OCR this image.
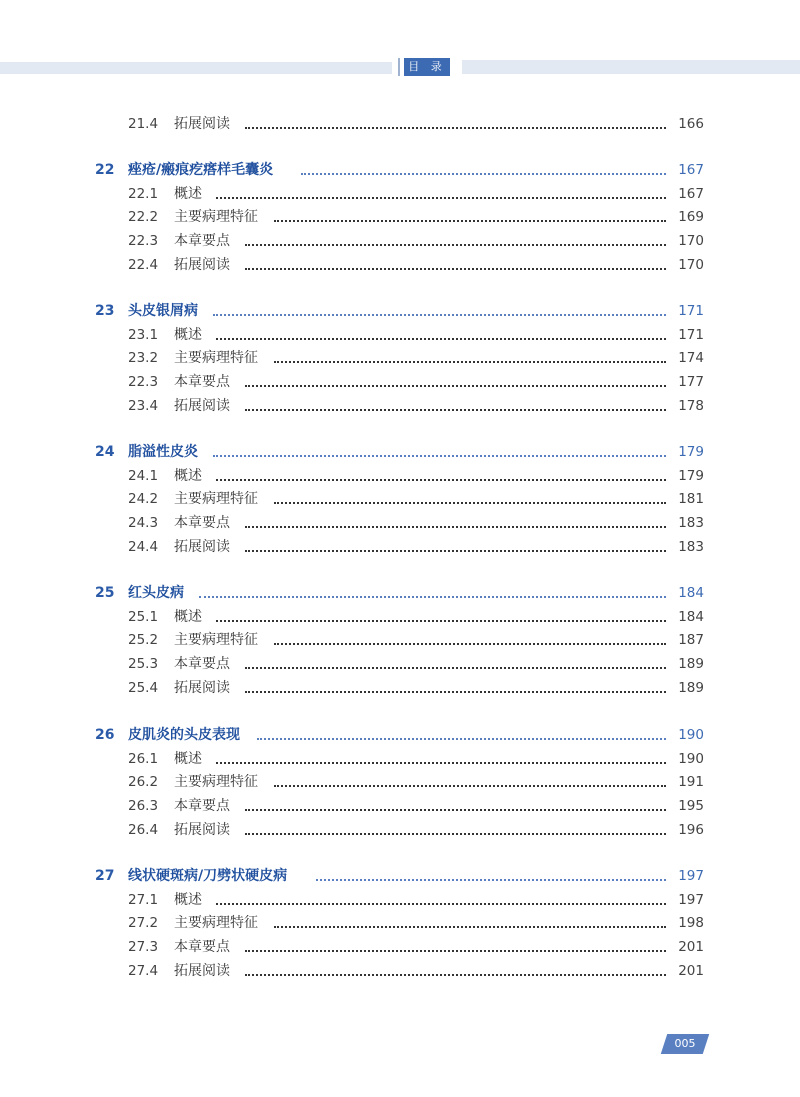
目 录
21.4 拓展阅读	166
22 痤疮/瘢痕疙瘩样毛囊炎	167
22.1 概述	167
22.2 主要病理特征	169
22.3 本章要点	170
22.4 拓展阅读	170
23 头皮银屑病	171
23.1 概述	171
23.2 主要病理特征	174
22.3 本章要点	177
23.4 拓展阅读	178
24 脂溢性皮炎	179
24.1 概述	179
24.2 主要病理特征	181
24.3 本章要点	183
24.4 拓展阅读	183
25 红头皮病	184
25.1 概述	184
25.2 主要病理特征	187
25.3 本章要点	189
25.4 拓展阅读	189
26 皮肌炎的头皮表现	190
26.1 概述	190
26.2 主要病理特征	191
26.3 本章要点	195
26.4 拓展阅读	196
27 线状硬斑病/刀劈状硬皮病	197
27.1 概述	197
27.2 主要病理特征	198
27.3 本章要点	201
27.4 拓展阅读	201
005
